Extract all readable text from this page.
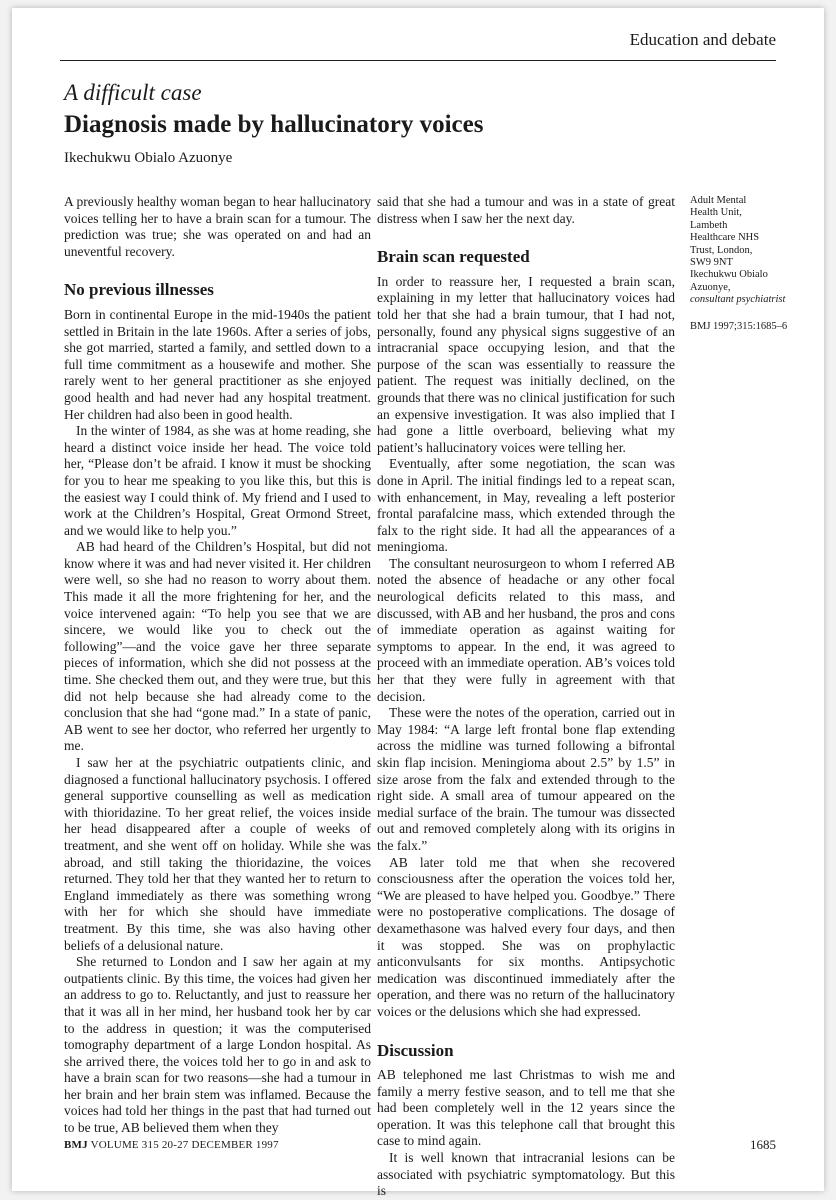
Education and debate
A difficult case
Diagnosis made by hallucinatory voices
Ikechukwu Obialo Azuonye

A previously healthy woman began to hear hallucinatory voices telling her to have a brain scan for a tumour. The prediction was true; she was operated on and had an uneventful recovery.

No previous illnesses

Born in continental Europe in the mid-1940s the patient settled in Britain in the late 1960s. After a series of jobs, she got married, started a family, and settled down to a full time commitment as a housewife and mother. She rarely went to her general practitioner as she enjoyed good health and had never had any hospital treatment. Her children had also been in good health.

In the winter of 1984, as she was at home reading, she heard a distinct voice inside her head. The voice told her, “Please don’t be afraid. I know it must be shocking for you to hear me speaking to you like this, but this is the easiest way I could think of. My friend and I used to work at the Children’s Hospital, Great Ormond Street, and we would like to help you.”

AB had heard of the Children’s Hospital, but did not know where it was and had never visited it. Her children were well, so she had no reason to worry about them. This made it all the more frightening for her, and the voice intervened again: “To help you see that we are sincere, we would like you to check out the following”—and the voice gave her three separate pieces of information, which she did not possess at the time. She checked them out, and they were true, but this did not help because she had already come to the conclusion that she had “gone mad.” In a state of panic, AB went to see her doctor, who referred her urgently to me.

I saw her at the psychiatric outpatients clinic, and diagnosed a functional hallucinatory psychosis. I offered general supportive counselling as well as medication with thioridazine. To her great relief, the voices inside her head disappeared after a couple of weeks of treatment, and she went off on holiday. While she was abroad, and still taking the thioridazine, the voices returned. They told her that they wanted her to return to England immediately as there was something wrong with her for which she should have immediate treatment. By this time, she was also having other beliefs of a delusional nature.

She returned to London and I saw her again at my outpatients clinic. By this time, the voices had given her an address to go to. Reluctantly, and just to reassure her that it was all in her mind, her husband took her by car to the address in question; it was the computerised tomography department of a large London hospital. As she arrived there, the voices told her to go in and ask to have a brain scan for two reasons—she had a tumour in her brain and her brain stem was inflamed. Because the voices had told her things in the past that had turned out to be true, AB believed them when they

said that she had a tumour and was in a state of great distress when I saw her the next day.

Brain scan requested

In order to reassure her, I requested a brain scan, explaining in my letter that hallucinatory voices had told her that she had a brain tumour, that I had not, personally, found any physical signs suggestive of an intracranial space occupying lesion, and that the purpose of the scan was essentially to reassure the patient. The request was initially declined, on the grounds that there was no clinical justification for such an expensive investigation. It was also implied that I had gone a little overboard, believing what my patient’s hallucinatory voices were telling her.

Eventually, after some negotiation, the scan was done in April. The initial findings led to a repeat scan, with enhancement, in May, revealing a left posterior frontal parafalcine mass, which extended through the falx to the right side. It had all the appearances of a meningioma.

The consultant neurosurgeon to whom I referred AB noted the absence of headache or any other focal neurological deficits related to this mass, and discussed, with AB and her husband, the pros and cons of immediate operation as against waiting for symptoms to appear. In the end, it was agreed to proceed with an immediate operation. AB’s voices told her that they were fully in agreement with that decision.

These were the notes of the operation, carried out in May 1984: “A large left frontal bone flap extending across the midline was turned following a bifrontal skin flap incision. Meningioma about 2.5” by 1.5” in size arose from the falx and extended through to the right side. A small area of tumour appeared on the medial surface of the brain. The tumour was dissected out and removed completely along with its origins in the falx.”

AB later told me that when she recovered consciousness after the operation the voices told her, “We are pleased to have helped you. Goodbye.” There were no postoperative complications. The dosage of dexamethasone was halved every four days, and then it was stopped. She was on prophylactic anticonvulsants for six months. Antipsychotic medication was discontinued immediately after the operation, and there was no return of the hallucinatory voices or the delusions which she had expressed.

Discussion

AB telephoned me last Christmas to wish me and family a merry festive season, and to tell me that she had been completely well in the 12 years since the operation. It was this telephone call that brought this case to mind again.

It is well known that intracranial lesions can be associated with psychiatric symptomatology. But this is

Adult Mental
Health Unit,
Lambeth
Healthcare NHS
Trust, London,
SW9 9NT
Ikechukwu Obialo
Azuonye,
consultant psychiatrist
BMJ 1997;315:1685–6
BMJ VOLUME 315 20-27 DECEMBER 1997	1685
